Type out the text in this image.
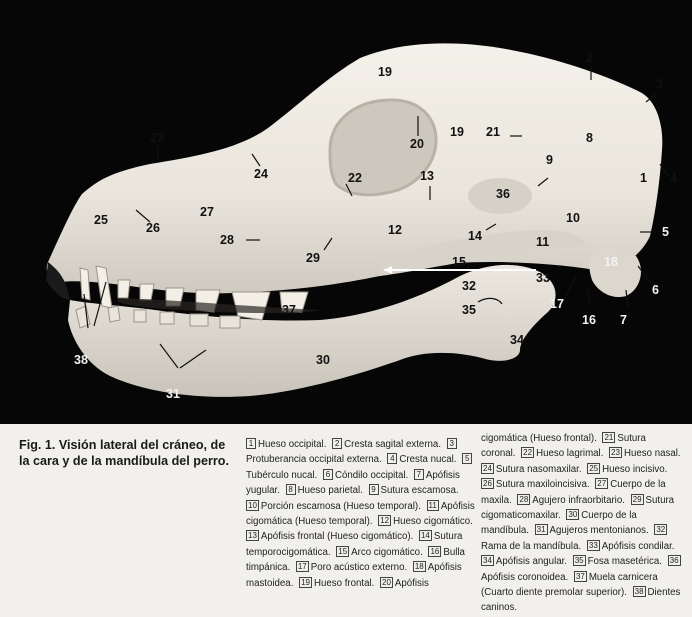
1
2
3
4
5
6
7
8
9
10
11
12
13
14
15
16
17
18
19
19
20
21
22
23
24
25
26
27
28
29
30
31
32
33
34
35
36
37
38
Fig. 1. Visión lateral del cráneo, de la cara y de la mandíbula del perro.
1 Hueso occipital. 2 Cresta sagital externa. 3Protuberancia occipital externa. 4 Cresta nucal. 5Tubérculo nucal. 6 Cóndilo occipital. 7 Apófisis yugular. 8 Hueso parietal. 9 Sutura escamosa. 10 Porción escamosa (Hueso temporal). 11 Apófisis cigomática (Hueso temporal). 12 Hueso cigomático. 13 Apófisis frontal (Hueso cigomático). 14 Sutura temporocigomática. 15 Arco cigomático. 16 Bulla timpánica. 17 Poro acústico externo. 18 Apófisis mastoidea. 19 Hueso frontal. 20 Apófisis
cigomática (Hueso frontal). 21 Sutura coronal. 22 Hueso lagrimal. 23 Hueso nasal. 24 Sutura nasomaxilar. 25 Hueso incisivo. 26 Sutura maxiloincisiva. 27 Cuerpo de la maxila. 28 Agujero infraorbitario. 29 Sutura cigomaticomaxilar. 30 Cuerpo de la mandíbula. 31 Agujeros mentonianos. 32Rama de la mandíbula. 33 Apófisis condilar. 34 Apófisis angular. 35 Fosa masetérica. 36Apófisis coronoidea. 37 Muela carnicera (Cuarto diente premolar superior). 38 Dientes caninos.
